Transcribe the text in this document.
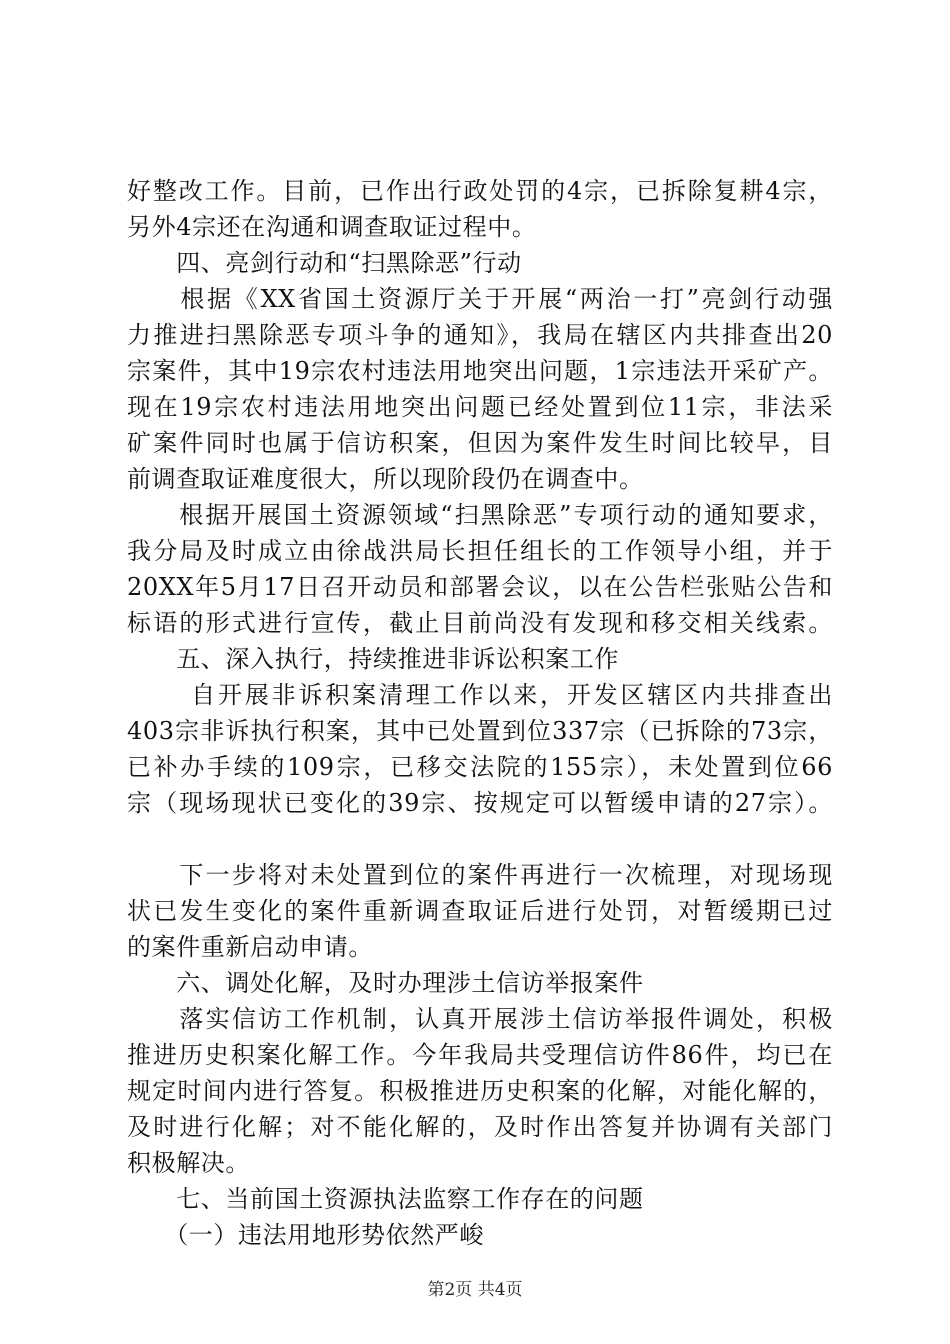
好整改工作。目前，已作出行政处罚的4宗，已拆除复耕4宗，
另外4宗还在沟通和调查取证过程中。
　　四、亮剑行动和“扫黑除恶”行动
　　根据《XX省国土资源厅关于开展“两治一打”亮剑行动强
力推进扫黑除恶专项斗争的通知》，我局在辖区内共排查出20
宗案件，其中19宗农村违法用地突出问题，1宗违法开采矿产。
现在19宗农村违法用地突出问题已经处置到位11宗，非法采
矿案件同时也属于信访积案，但因为案件发生时间比较早，目
前调查取证难度很大，所以现阶段仍在调查中。
　　根据开展国土资源领域“扫黑除恶”专项行动的通知要求，
我分局及时成立由徐战洪局长担任组长的工作领导小组，并于
20XX年5月17日召开动员和部署会议，以在公告栏张贴公告和
标语的形式进行宣传，截止目前尚没有发现和移交相关线索。
　　五、深入执行，持续推进非诉讼积案工作
　　 自开展非诉积案清理工作以来，开发区辖区内共排查出
403宗非诉执行积案，其中已处置到位337宗（已拆除的73宗，
已补办手续的109宗，已移交法院的155宗），未处置到位66
宗（现场现状已变化的39宗、按规定可以暂缓申请的27宗）。
　　下一步将对未处置到位的案件再进行一次梳理，对现场现
状已发生变化的案件重新调查取证后进行处罚，对暂缓期已过
的案件重新启动申请。
　　六、调处化解，及时办理涉土信访举报案件
　　落实信访工作机制，认真开展涉土信访举报件调处，积极
推进历史积案化解工作。今年我局共受理信访件86件，均已在
规定时间内进行答复。积极推进历史积案的化解，对能化解的，
及时进行化解；对不能化解的，及时作出答复并协调有关部门
积极解决。
　　七、当前国土资源执法监察工作存在的问题
　　（一）违法用地形势依然严峻
第2页 共4页
